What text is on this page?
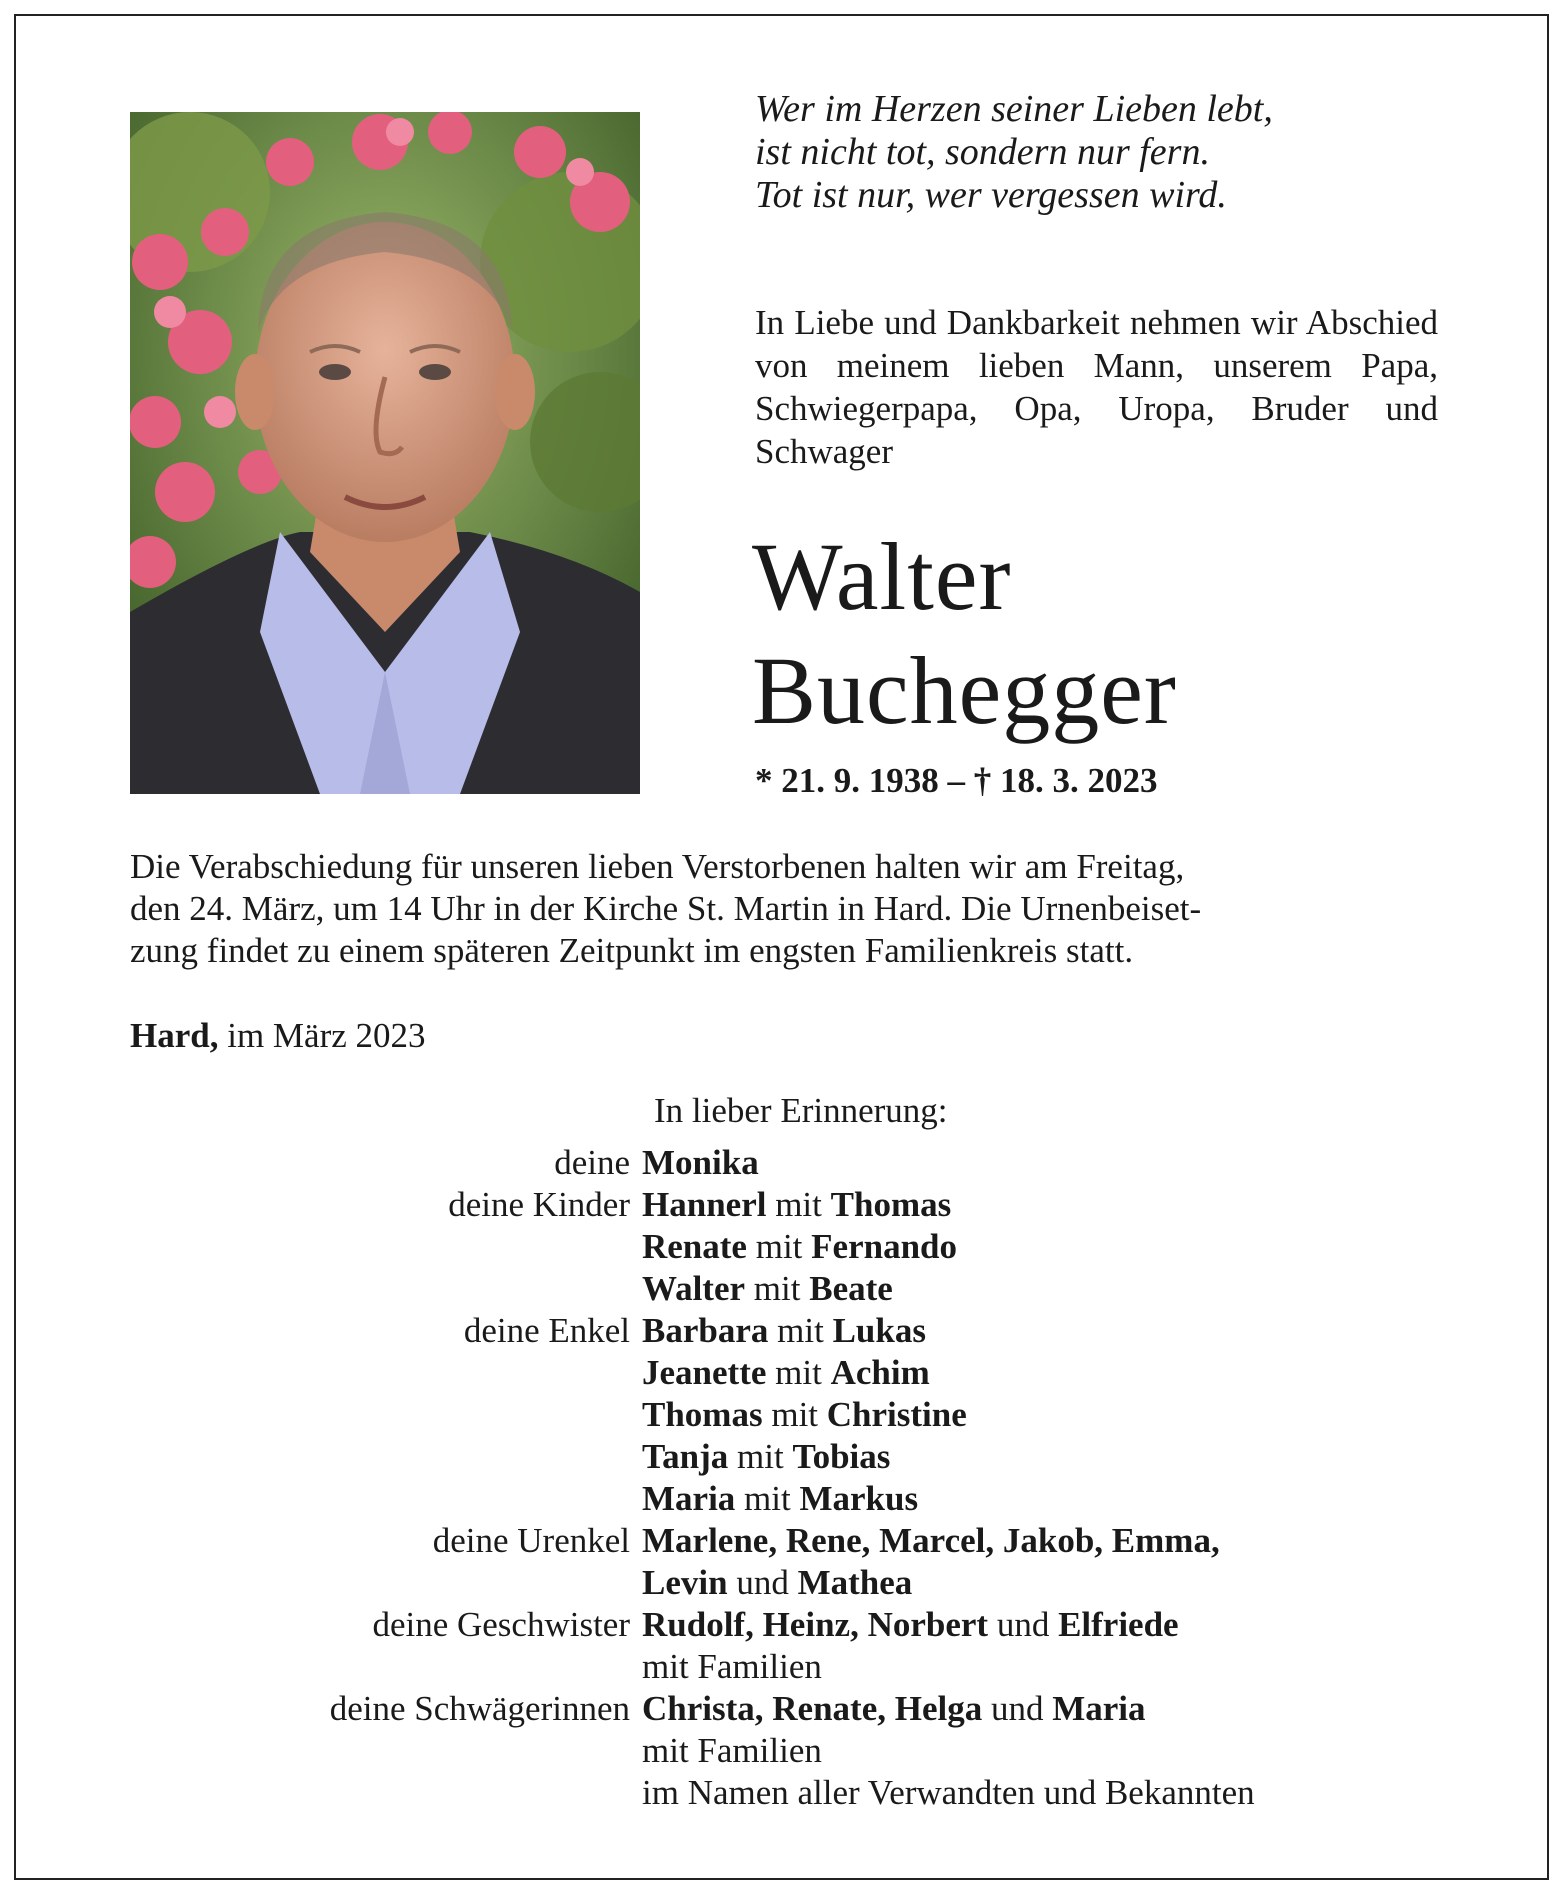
Wer im Herzen seiner Lieben lebt,
ist nicht tot, sondern nur fern.
Tot ist nur, wer vergessen wird.
In Liebe und Dankbarkeit nehmen wir Abschied von meinem lieben Mann, unserem Papa, Schwiegerpapa, Opa, Uropa, Bruder und Schwager
Walter
Buchegger
* 21. 9. 1938 – † 18. 3. 2023
Die Verabschiedung für unseren lieben Verstorbenen halten wir am Freitag,
den 24. März, um 14 Uhr in der Kirche St. Martin in Hard. Die Urnenbeiset-
zung findet zu einem späteren Zeitpunkt im engsten Familienkreis statt.
Hard, im März 2023
In lieber Erinnerung:
deine Monika
deine Kinder Hannerl mit Thomas
Renate mit Fernando
Walter mit Beate
deine Enkel Barbara mit Lukas
Jeanette mit Achim
Thomas mit Christine
Tanja mit Tobias
Maria mit Markus
deine Urenkel Marlene, Rene, Marcel, Jakob, Emma,
Levin und Mathea
deine Geschwister Rudolf, Heinz, Norbert und Elfriede
mit Familien
deine Schwägerinnen Christa, Renate, Helga und Maria
mit Familien
im Namen aller Verwandten und Bekannten
